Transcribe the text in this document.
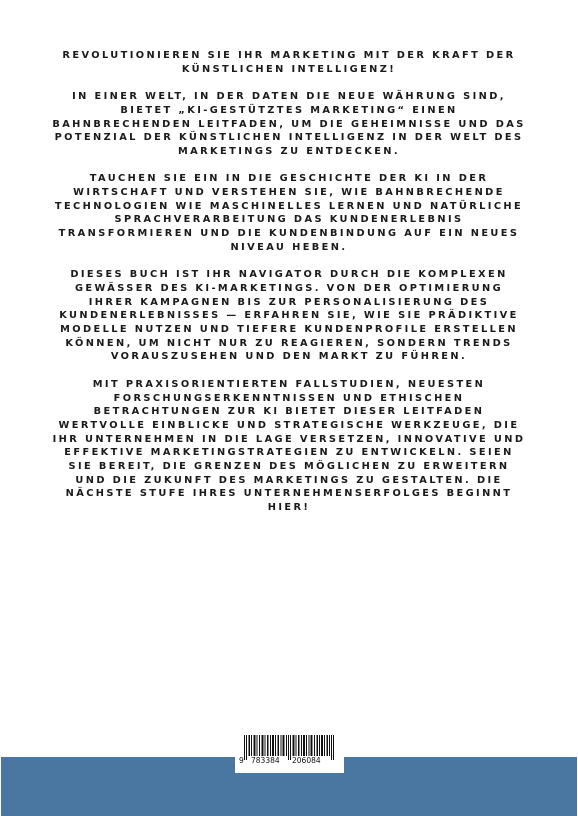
REVOLUTIONIEREN SIE IHR MARKETING MIT DER KRAFT DER KÜNSTLICHEN INTELLIGENZ!

IN EINER WELT, IN DER DATEN DIE NEUE WÄHRUNG SIND, BIETET „KI-GESTÜTZTES MARKETING“ EINEN BAHNBRECHENDEN LEITFADEN, UM DIE GEHEIMNISSE UND DAS POTENZIAL DER KÜNSTLICHEN INTELLIGENZ IN DER WELT DES MARKETINGS ZU ENTDECKEN.

TAUCHEN SIE EIN IN DIE GESCHICHTE DER KI IN DER WIRTSCHAFT UND VERSTEHEN SIE, WIE BAHNBRECHENDE TECHNOLOGIEN WIE MASCHINELLES LERNEN UND NATÜRLICHE SPRACHVERARBEITUNG DAS KUNDENERLEBNIS TRANSFORMIEREN UND DIE KUNDENBINDUNG AUF EIN NEUES NIVEAU HEBEN.

DIESES BUCH IST IHR NAVIGATOR DURCH DIE KOMPLEXEN GEWÄSSER DES KI-MARKETINGS. VON DER OPTIMIERUNG IHRER KAMPAGNEN BIS ZUR PERSONALISIERUNG DES KUNDENERLEBNISSES — ERFAHREN SIE, WIE SIE PRÄDIKTIVE MODELLE NUTZEN UND TIEFERE KUNDENPROFILE ERSTELLEN KÖNNEN, UM NICHT NUR ZU REAGIEREN, SONDERN TRENDS VORAUSZUSEHEN UND DEN MARKT ZU FÜHREN.

MIT PRAXISORIENTIERTEN FALLSTUDIEN, NEUESTEN FORSCHUNGSERKENNTNISSEN UND ETHISCHEN BETRACHTUNGEN ZUR KI BIETET DIESER LEITFADEN WERTVOLLE EINBLICKE UND STRATEGISCHE WERKZEUGE, DIE IHR UNTERNEHMEN IN DIE LAGE VERSETZEN, INNOVATIVE UND EFFEKTIVE MARKETINGSTRATEGIEN ZU ENTWICKELN. SEIEN SIE BEREIT, DIE GRENZEN DES MÖGLICHEN ZU ERWEITERN UND DIE ZUKUNFT DES MARKETINGS ZU GESTALTEN. DIE NÄCHSTE STUFE IHRES UNTERNEHMENSERFOLGES BEGINNT HIER!

9 783384 206084
